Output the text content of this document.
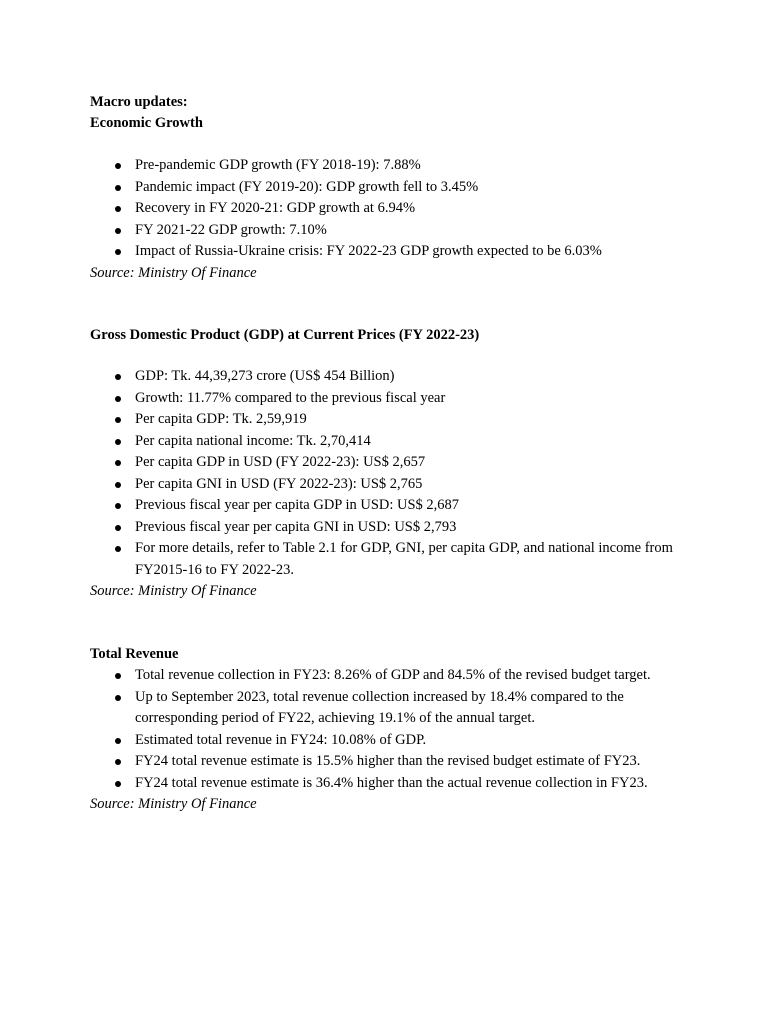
Macro updates:

Economic Growth

Pre-pandemic GDP growth (FY 2018-19): 7.88%
Pandemic impact (FY 2019-20): GDP growth fell to 3.45%
Recovery in FY 2020-21: GDP growth at 6.94%
FY 2021-22 GDP growth: 7.10%
Impact of Russia-Ukraine crisis: FY 2022-23 GDP growth expected to be 6.03%

Source: Ministry Of Finance

Gross Domestic Product (GDP) at Current Prices (FY 2022-23)

GDP: Tk. 44,39,273 crore (US$ 454 Billion)
Growth: 11.77% compared to the previous fiscal year
Per capita GDP: Tk. 2,59,919
Per capita national income: Tk. 2,70,414
Per capita GDP in USD (FY 2022-23): US$ 2,657
Per capita GNI in USD (FY 2022-23): US$ 2,765
Previous fiscal year per capita GDP in USD: US$ 2,687
Previous fiscal year per capita GNI in USD: US$ 2,793
For more details, refer to Table 2.1 for GDP, GNI, per capita GDP, and national income from FY2015-16 to FY 2022-23.

Source: Ministry Of Finance

Total Revenue

Total revenue collection in FY23: 8.26% of GDP and 84.5% of the revised budget target.
Up to September 2023, total revenue collection increased by 18.4% compared to the corresponding period of FY22, achieving 19.1% of the annual target.
Estimated total revenue in FY24: 10.08% of GDP.
FY24 total revenue estimate is 15.5% higher than the revised budget estimate of FY23.
FY24 total revenue estimate is 36.4% higher than the actual revenue collection in FY23.

Source: Ministry Of Finance
